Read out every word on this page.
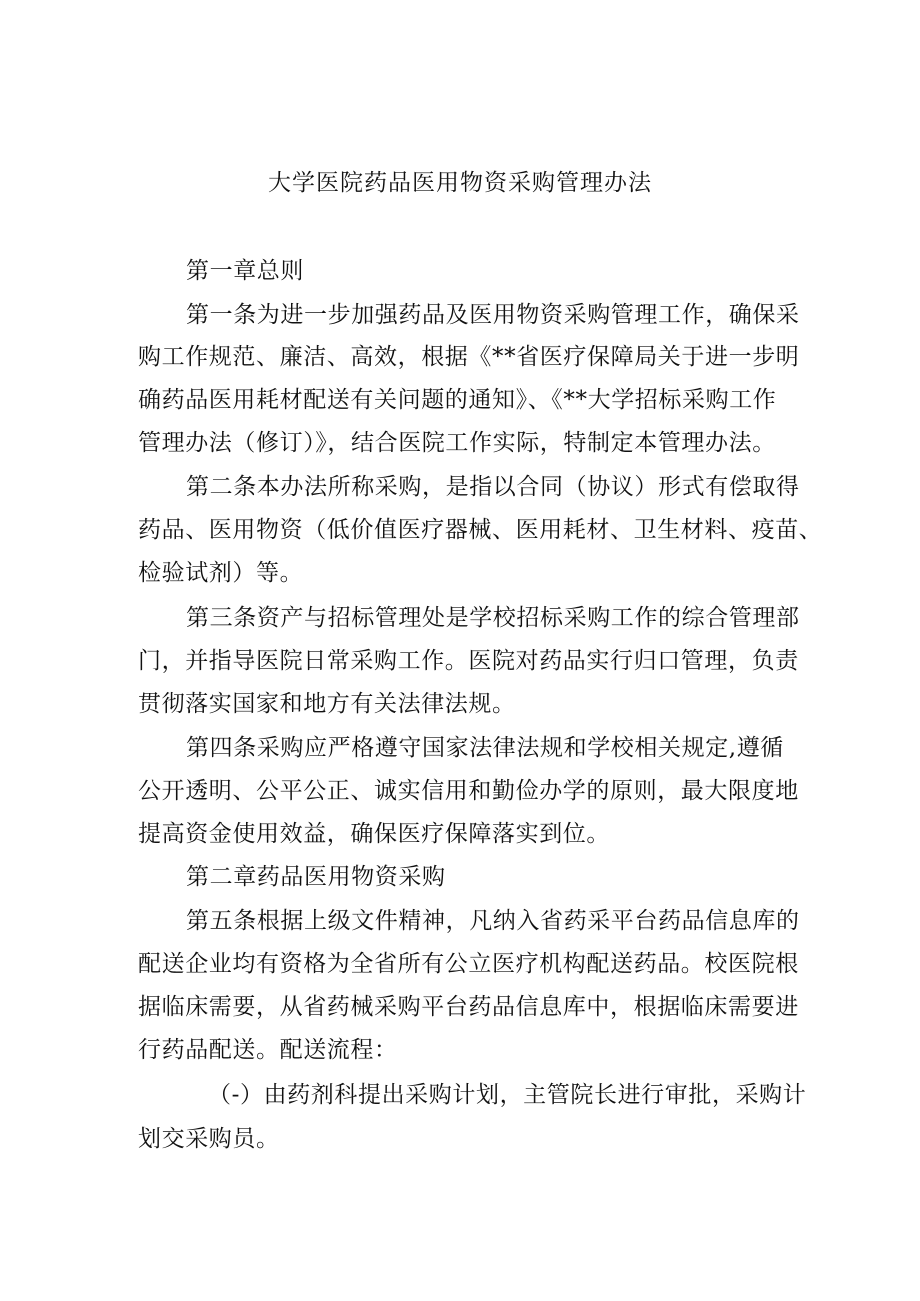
大学医院药品医用物资采购管理办法
第一章总则
第一条为进一步加强药品及医用物资采购管理工作，确保采
购工作规范、廉洁、高效，根据《**省医疗保障局关于进一步明
确药品医用耗材配送有关问题的通知》、《**大学招标采购工作
管理办法（修订）》，结合医院工作实际，特制定本管理办法。
第二条本办法所称采购，是指以合同（协议）形式有偿取得
药品、医用物资（低价值医疗器械、医用耗材、卫生材料、疫苗、
检验试剂）等。
第三条资产与招标管理处是学校招标采购工作的综合管理部
门，并指导医院日常采购工作。医院对药品实行归口管理，负责
贯彻落实国家和地方有关法律法规。
第四条采购应严格遵守国家法律法规和学校相关规定,遵循
公开透明、公平公正、诚实信用和勤俭办学的原则，最大限度地
提高资金使用效益，确保医疗保障落实到位。
第二章药品医用物资采购
第五条根据上级文件精神，凡纳入省药采平台药品信息库的
配送企业均有资格为全省所有公立医疗机构配送药品。校医院根
据临床需要，从省药械采购平台药品信息库中，根据临床需要进
行药品配送。配送流程：
（-）由药剂科提出采购计划，主管院长进行审批，采购计
划交采购员。
